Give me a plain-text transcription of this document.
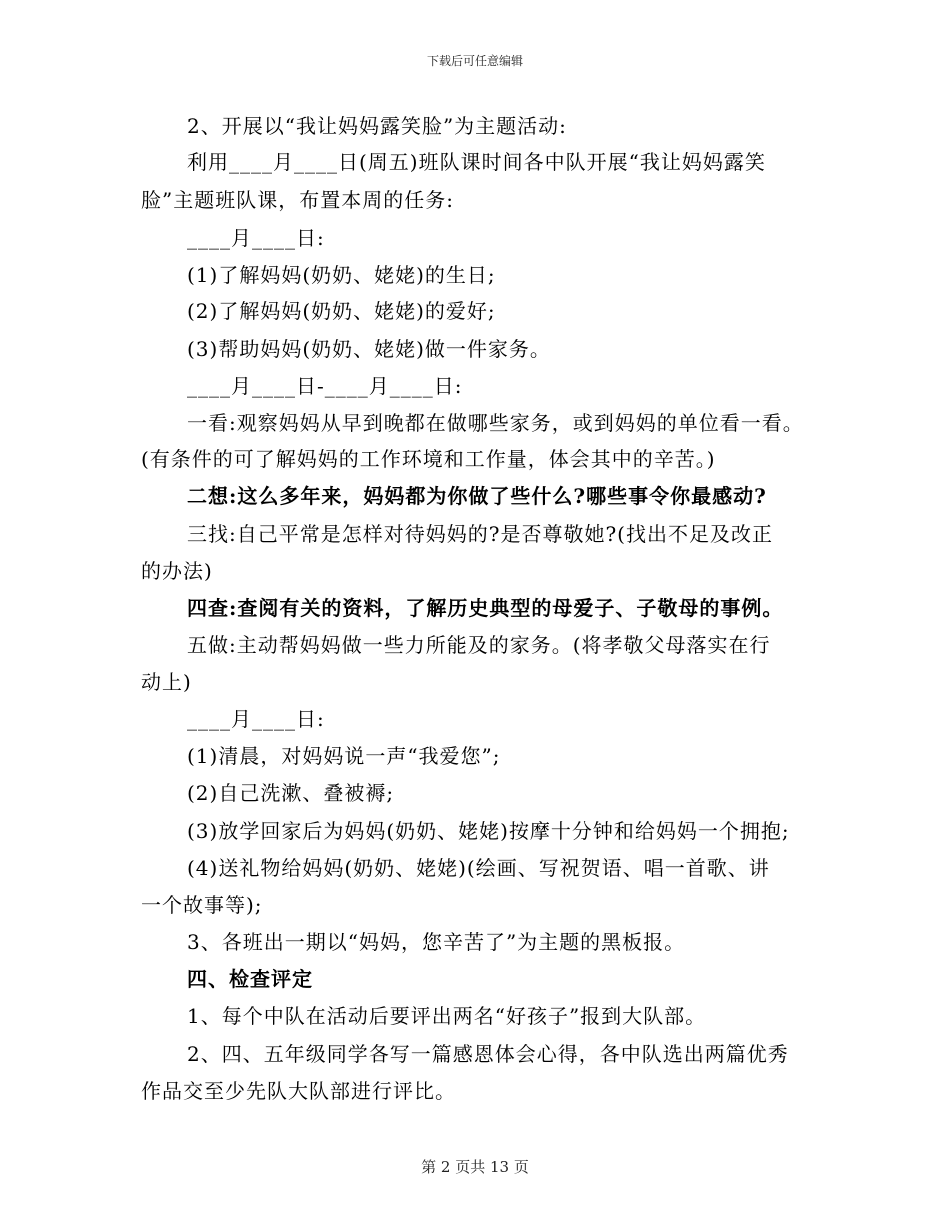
下载后可任意编辑
2、开展以“我让妈妈露笑脸”为主题活动:
利用____月____日(周五)班队课时间各中队开展“我让妈妈露笑
脸”主题班队课，布置本周的任务:
____月____日:
(1)了解妈妈(奶奶、姥姥)的生日;
(2)了解妈妈(奶奶、姥姥)的爱好;
(3)帮助妈妈(奶奶、姥姥)做一件家务。
____月____日-____月____日:
一看:观察妈妈从早到晚都在做哪些家务，或到妈妈的单位看一看。
(有条件的可了解妈妈的工作环境和工作量，体会其中的辛苦。)
二想:这么多年来，妈妈都为你做了些什么?哪些事令你最感动?
三找:自己平常是怎样对待妈妈的?是否尊敬她?(找出不足及改正
的办法)
四查:查阅有关的资料，了解历史典型的母爱子、子敬母的事例。
五做:主动帮妈妈做一些力所能及的家务。(将孝敬父母落实在行
动上)
____月____日:
(1)清晨，对妈妈说一声“我爱您”;
(2)自己洗漱、叠被褥;
(3)放学回家后为妈妈(奶奶、姥姥)按摩十分钟和给妈妈一个拥抱;
(4)送礼物给妈妈(奶奶、姥姥)(绘画、写祝贺语、唱一首歌、讲
一个故事等);
3、各班出一期以“妈妈，您辛苦了”为主题的黑板报。
四、检查评定
1、每个中队在活动后要评出两名“好孩子”报到大队部。
2、四、五年级同学各写一篇感恩体会心得，各中队选出两篇优秀
作品交至少先队大队部进行评比。
第 2 页共 13 页
